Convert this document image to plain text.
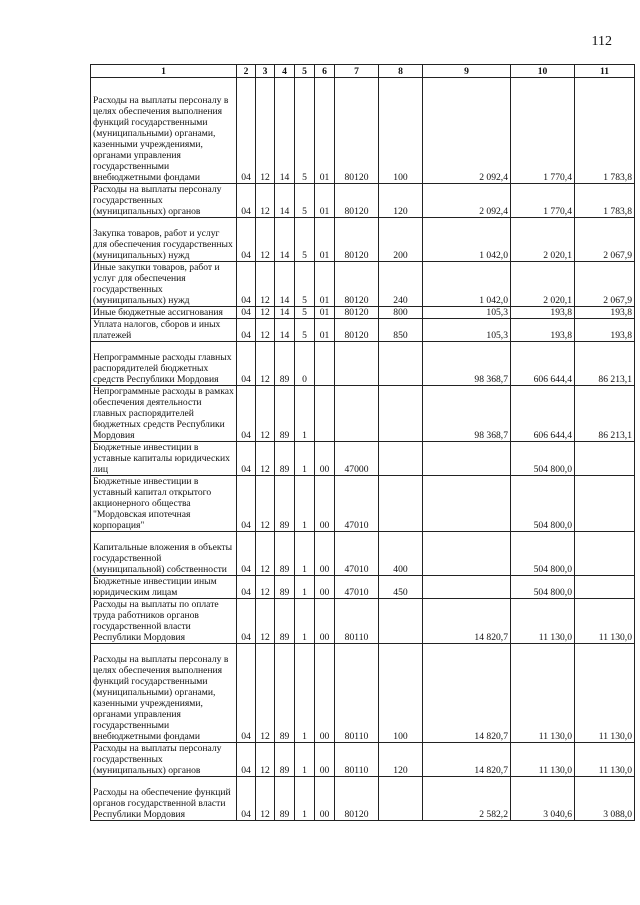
112
1	2	3	4	5	6	7	8	9	10	11
Расходы на выплаты персоналу в целях обеспечения выполнения функций государственными (муниципальными) органами, казенными учреждениями, органами управления государственными внебюджетными фондами	04	12	14	5	01	80120	100	2 092,4	1 770,4	1 783,8
Расходы на выплаты персоналу государственных (муниципальных) органов	04	12	14	5	01	80120	120	2 092,4	1 770,4	1 783,8
Закупка товаров, работ и услуг для обеспечения государственных (муниципальных) нужд	04	12	14	5	01	80120	200	1 042,0	2 020,1	2 067,9
Иные закупки товаров, работ и услуг для обеспечения государственных (муниципальных) нужд	04	12	14	5	01	80120	240	1 042,0	2 020,1	2 067,9
Иные бюджетные ассигнования	04	12	14	5	01	80120	800	105,3	193,8	193,8
Уплата налогов, сборов и иных платежей	04	12	14	5	01	80120	850	105,3	193,8	193,8
Непрограммные расходы главных распорядителей бюджетных средств Республики Мордовия	04	12	89	0				98 368,7	606 644,4	86 213,1
Непрограммные расходы в рамках обеспечения деятельности главных распорядителей бюджетных средств Республики Мордовия	04	12	89	1				98 368,7	606 644,4	86 213,1
Бюджетные инвестиции в уставные капиталы юридических лиц	04	12	89	1	00	47000			504 800,0	
Бюджетные инвестиции в уставный капитал открытого акционерного общества "Мордовская ипотечная корпорация"	04	12	89	1	00	47010			504 800,0	
Капитальные вложения в объекты государственной (муниципальной) собственности	04	12	89	1	00	47010	400		504 800,0	
Бюджетные инвестиции иным юридическим лицам	04	12	89	1	00	47010	450		504 800,0	
Расходы на выплаты по оплате труда работников органов государственной власти Республики Мордовия	04	12	89	1	00	80110		14 820,7	11 130,0	11 130,0
Расходы на выплаты персоналу в целях обеспечения выполнения функций государственными (муниципальными) органами, казенными учреждениями, органами управления государственными внебюджетными фондами	04	12	89	1	00	80110	100	14 820,7	11 130,0	11 130,0
Расходы на выплаты персоналу государственных (муниципальных) органов	04	12	89	1	00	80110	120	14 820,7	11 130,0	11 130,0
Расходы на обеспечение функций органов государственной власти Республики Мордовия	04	12	89	1	00	80120		2 582,2	3 040,6	3 088,0
